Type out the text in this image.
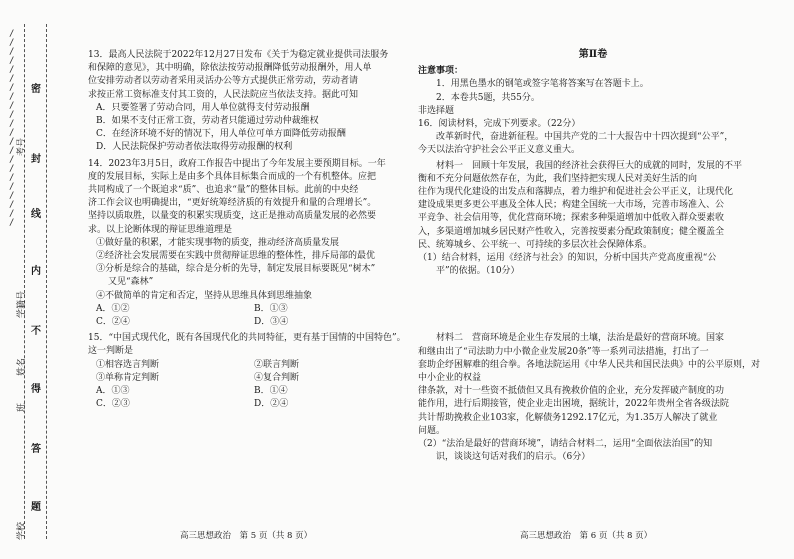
/ / / / / / / / / / / / / / / / / / / / / /
学校
班
姓名
学籍号
考号
密
封
线
内
不
得
答
题

13．最高人民法院于2022年12月27日发布《关于为稳定就业提供司法服务

和保障的意见》，其中明确，除依法按劳动报酬降低劳动报酬外，用人单

位安排劳动者以劳动者采用灵活办公等方式提供正常劳动，劳动者请

求按正常工资标准支付其工资的，人民法院应当依法支持。据此可知

A．只要签署了劳动合同，用人单位就得支付劳动报酬

B．如果不支付正常工资，劳动者只能通过劳动仲裁维权

C．在经济环境不好的情况下，用人单位可单方面降低劳动报酬

D．人民法院保护劳动者依法取得劳动报酬的权利

14．2023年3月5日，政府工作报告中提出了今年发展主要预期目标。一年

度的发展目标，实际上是由多个具体目标集合而成的一个有机整体。应把

共同构成了一个既追求“质”、也追求“量”的整体目标。此前的中央经

济工作会议也明确提出，“更好统筹经济质的有效提升和量的合理增长”。

坚持以质取胜，以量变的积累实现质变，这正是推动高质量发展的必然要

求。以上论断体现的辩证思维道理是

①做好量的积累，才能实现事物的质变，推动经济高质量发展

②经济社会发展需要在实践中贯彻辩证思维的整体性，排斥局部的最优

③分析是综合的基础，综合是分析的先导，制定发展目标要既见“树木”

又见“森林”

④不做简单的肯定和否定，坚持从思维具体到思维抽象

A．①②	B．①③
C．②④	D．③④

15．“中国式现代化，既有各国现代化的共同特征，更有基于国情的中国特色”。

这一判断是

①相容选言判断	②联言判断
③单称肯定判断	④复合判断
A．①③	B．①④
C．②③	D．②④
第Ⅱ卷

注意事项：

1．用黑色墨水的钢笔或签字笔将答案写在答题卡上。

2．本卷共5题，共55分。

非选择题

16．阅读材料，完成下列要求。（22分）

改革新时代，奋进新征程。中国共产党的二十大报告中十四次提到“公平”，

今天以法治守护社会公平正义意义重大。

材料一　回顾十年发展，我国的经济社会获得巨大的成就的同时，发展的不平

衡和不充分问题依然存在，为此，我们坚持把实现人民对美好生活的向

往作为现代化建设的出发点和落脚点，着力维护和促进社会公平正义，让现代化

建设成果更多更公平惠及全体人民；构建全国统一大市场，完善市场准入、公

平竞争、社会信用等，优化营商环境；探索多种渠道增加中低收入群众要素收

入，多渠道增加城乡居民财产性收入，完善按要素分配政策制度；健全覆盖全

民、统筹城乡、公平统一、可持续的多层次社会保障体系。

（1）结合材料，运用《经济与社会》的知识，分析中国共产党高度重视“公

平”的依据。（10分）

材料二　营商环境是企业生存发展的土壤，法治是最好的营商环境。国家

和继由出了“司法助力中小微企业发展20条”等一系列司法措施，打出了一

套助企纾困解难的组合拳。各地法院运用《中华人民共和国民法典》中的公平原则，对中小企业的权益

律条款，对十一些资不抵债但又具有挽救价值的企业，充分发挥破产制度的功

能作用，进行后期接管，使企业走出困境，据统计，2022年贵州全省各级法院

共计帮助挽救企业103家，化解债务1292.17亿元，为1.35万人解决了就业

问题。

（2）“法治是最好的营商环境”，请结合材料二，运用“全面依法治国”的知

识，谈谈这句话对我们的启示。（6分）

高三思想政治　第 5 页（共 8 页）	高三思想政治　第 6 页（共 8 页）
